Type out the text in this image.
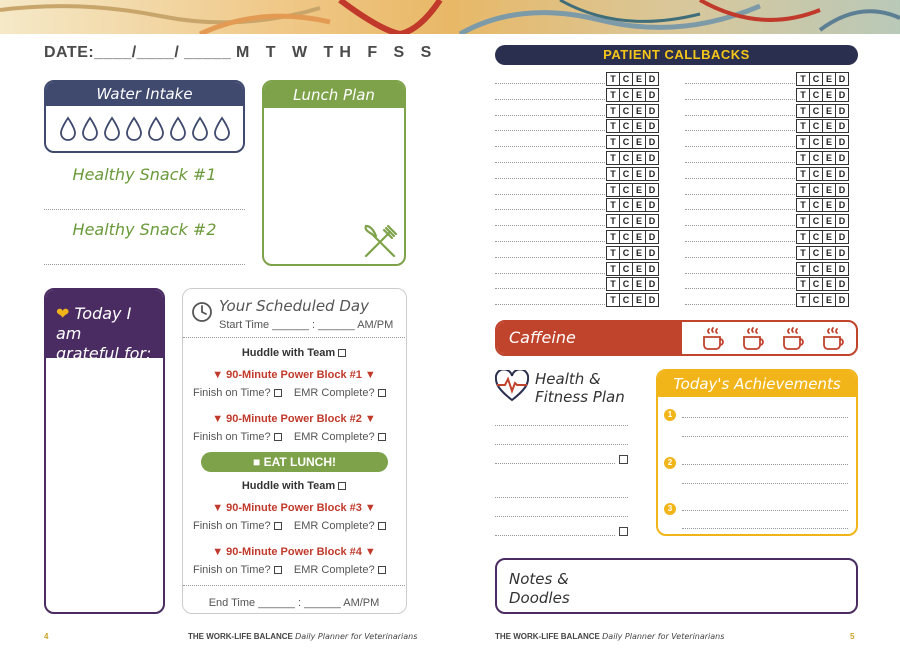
DATE:____/____/ _____ M T W TH F S S
Water Intake
Healthy Snack #1
Healthy Snack #2
Lunch Plan
❤ Today I am
grateful for:
Your Scheduled Day
Start Time ______ : ______ AM/PM
Huddle with Team
▼ 90-Minute Power Block #1 ▼
Finish on Time? EMR Complete?
▼ 90-Minute Power Block #2 ▼
Finish on Time? EMR Complete?
■ EAT LUNCH!
Huddle with Team
▼ 90-Minute Power Block #3 ▼
Finish on Time? EMR Complete?
▼ 90-Minute Power Block #4 ▼
Finish on Time? EMR Complete?
End Time ______ : ______ AM/PM
4	THE WORK-LIFE BALANCE Daily Planner for Veterinarians
PATIENT CALLBACKS
T C E D
T C E D
T C E D
T C E D
T C E D
T C E D
T C E D
T C E D
T C E D
T C E D
T C E D
T C E D
T C E D
T C E D
T C E D
T C E D
T C E D
T C E D
T C E D
T C E D
T C E D
T C E D
T C E D
T C E D
T C E D
T C E D
T C E D
T C E D
T C E D
T C E D
Caffeine
Health &
Fitness Plan
Today's Achievements
1
2
3
Notes &
Doodles
THE WORK-LIFE BALANCE Daily Planner for Veterinarians	5
